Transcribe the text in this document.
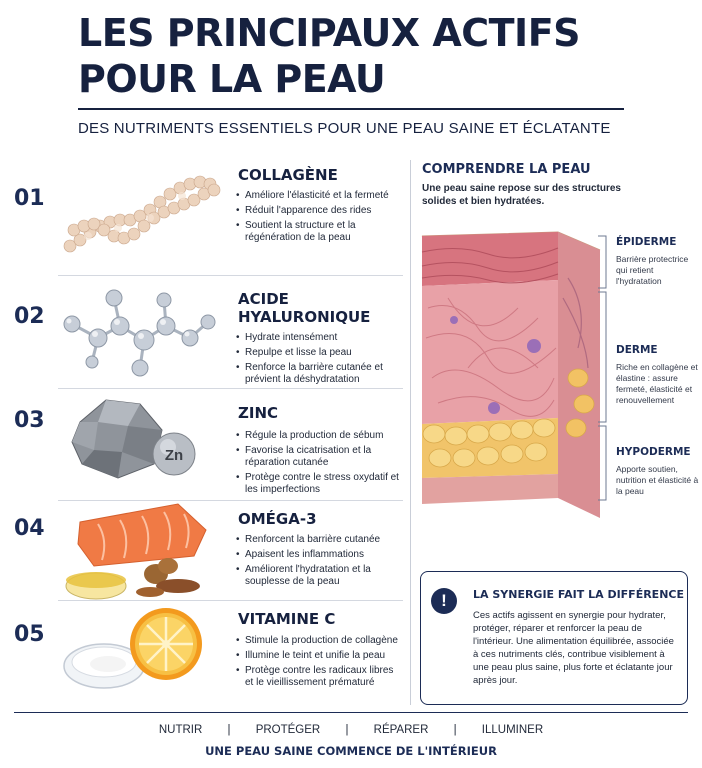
LES PRINCIPAUX ACTIFS
POUR LA PEAU
DES NUTRIMENTS ESSENTIELS POUR UNE PEAU SAINE ET ÉCLATANTE
01
COLLAGÈNE
• Améliore l'élasticité et la fermeté
• Réduit l'apparence des rides
• Soutient la structure et la régénération de la peau
02
ACIDE HYALURONIQUE
• Hydrate intensément
• Repulpe et lisse la peau
• Renforce la barrière cutanée et prévient la déshydratation
03
Zn
ZINC
• Régule la production de sébum
• Favorise la cicatrisation et la réparation cutanée
• Protège contre le stress oxydatif et les imperfections
04	OMÉGA-3
• Renforcent la barrière cutanée
• Apaisent les inflammations
• Améliorent l'hydratation et la souplesse de la peau
05
VITAMINE C
• Stimule la production de collagène
• Illumine le teint et unifie la peau
• Protège contre les radicaux libres et le vieillissement prématuré
COMPRENDRE LA PEAU
Une peau saine repose sur des structures solides et bien hydratées.
ÉPIDERME
Barrière protectrice qui retient l'hydratation
DERME
Riche en collagène et élastine : assure fermeté, élasticité et renouvellement
HYPODERME
Apporte soutien, nutrition et élasticité à la peau
!	LA SYNERGIE FAIT LA DIFFÉRENCE
Ces actifs agissent en synergie pour hydrater, protéger, réparer et renforcer la peau de l'intérieur. Une alimentation équilibrée, associée à ces nutriments clés, contribue visiblement à une peau plus saine, plus forte et éclatante jour après jour.
NUTRIR | PROTÉGER | RÉPARER | ILLUMINER
UNE PEAU SAINE COMMENCE DE L'INTÉRIEUR
